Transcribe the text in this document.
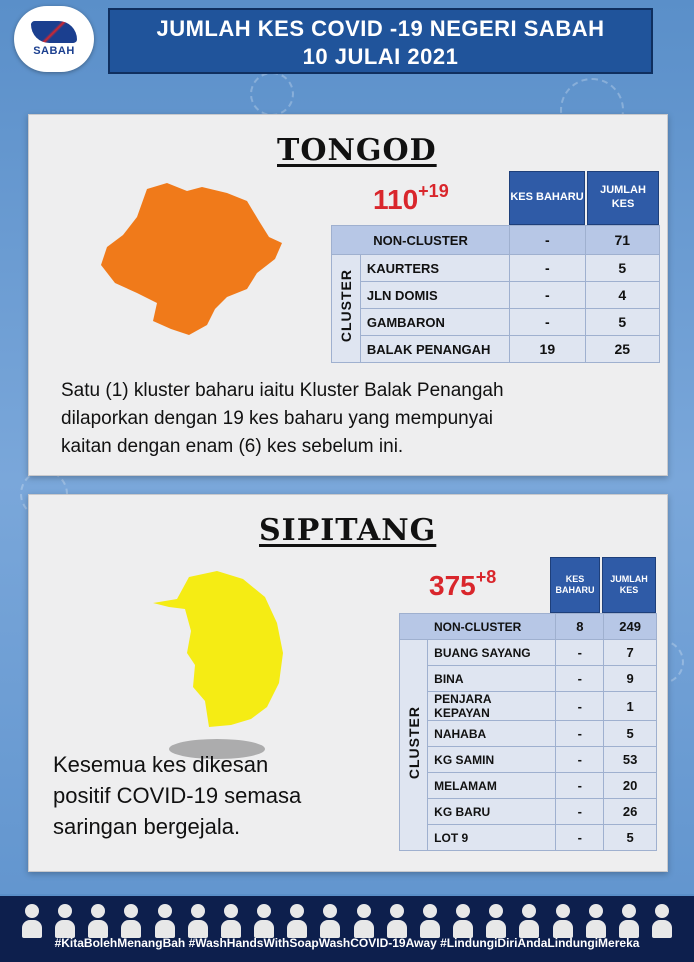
SABAH
JUMLAH KES COVID -19 NEGERI SABAH
10 JULAI 2021
TONGOD
$110^{+19}$	KES BAHARU
JUMLAH KES
NON-CLUSTER		-	71
CLUSTER	KAURTERS	-	5
	JLN DOMIS	-	4
	GAMBARON	-	5
	BALAK PENANGAH	19	25
Satu (1) kluster baharu iaitu Kluster Balak Penangah
dilaporkan dengan 19 kes baharu yang mempunyai
kaitan dengan enam (6) kes sebelum ini.
SIPITANG
$375^{+8}$	KES BAHARU
JUMLAH KES
NON-CLUSTER		8	249
CLUSTER	BUANG SAYANG	-	7
	BINA	-	9
	PENJARA KEPAYAN	-	1
	NAHABA	-	5
	KG SAMIN	-	53
	MELAMAM	-	20
	KG BARU	-	26
	LOT 9	-	5
Kesemua kes dikesan
positif COVID-19 semasa
saringan bergejala.
#KitaBolehMenangBah #WashHandsWithSoapWashCOVID-19Away #LindungiDiriAndaLindungiMereka
